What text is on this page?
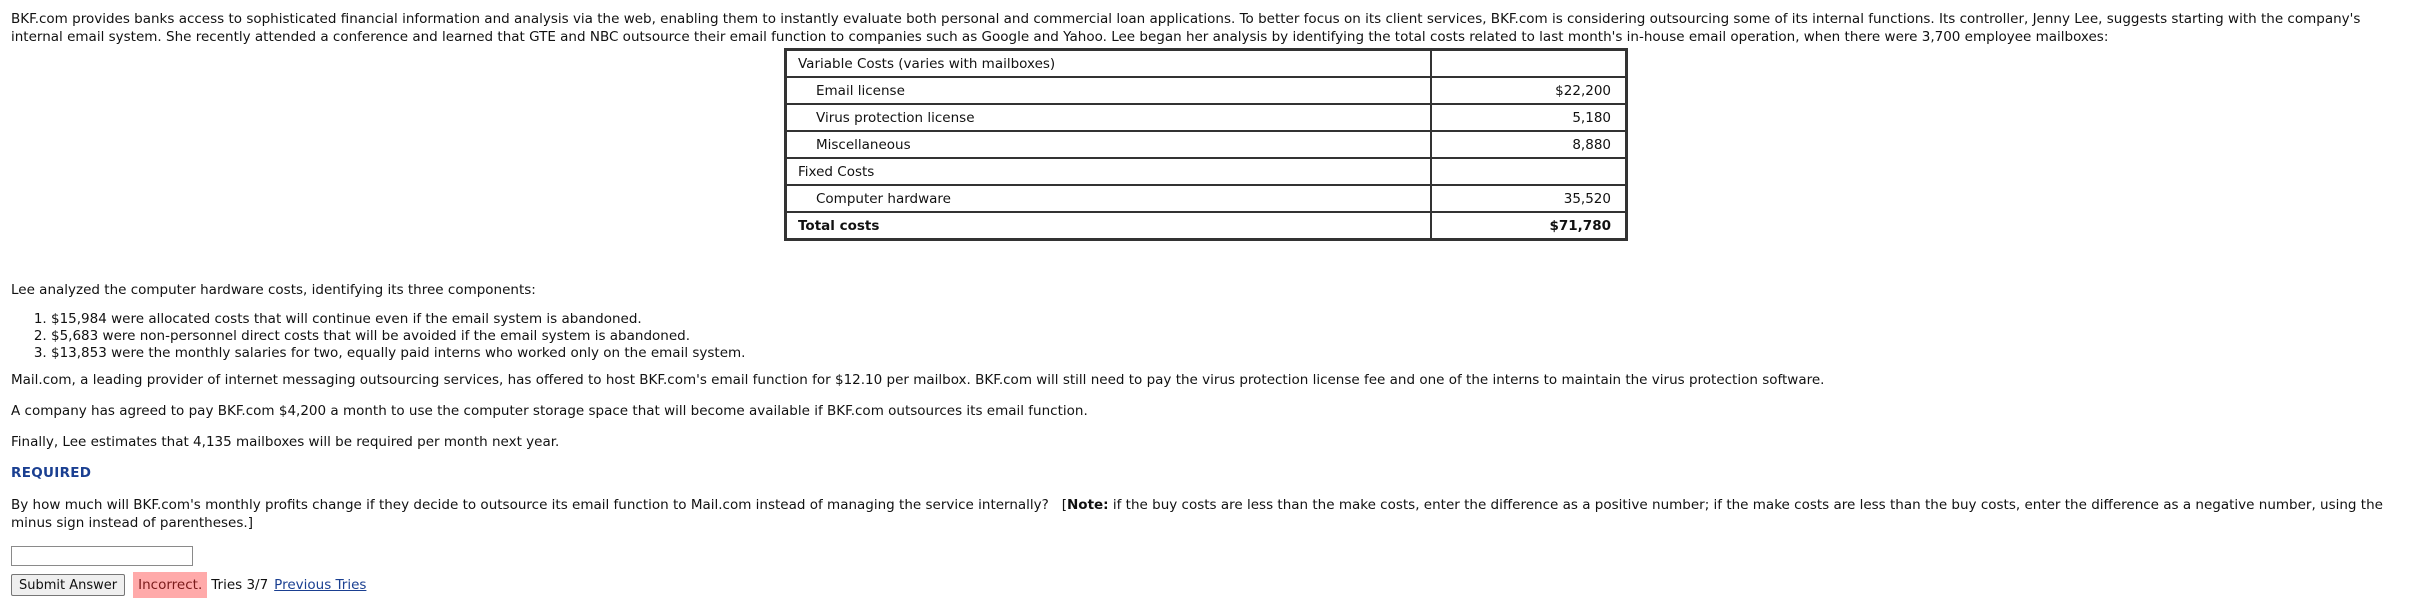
BKF.com provides banks access to sophisticated financial information and analysis via the web, enabling them to instantly evaluate both personal and commercial loan applications. To better focus on its client services, BKF.com is considering outsourcing some of its internal functions. Its controller, Jenny Lee, suggests starting with the company's internal email system. She recently attended a conference and learned that GTE and NBC outsource their email function to companies such as Google and Yahoo. Lee began her analysis by identifying the total costs related to last month's in-house email operation, when there were 3,700 employee mailboxes:

Variable Costs (varies with mailboxes)	
Email license	$22,200
Virus protection license	5,180
Miscellaneous	8,880
Fixed Costs	
Computer hardware	35,520
Total costs	$71,780

Lee analyzed the computer hardware costs, identifying its three components:

1. $15,984 were allocated costs that will continue even if the email system is abandoned.
2. $5,683 were non-personnel direct costs that will be avoided if the email system is abandoned.
3. $13,853 were the monthly salaries for two, equally paid interns who worked only on the email system.

Mail.com, a leading provider of internet messaging outsourcing services, has offered to host BKF.com's email function for $12.10 per mailbox. BKF.com will still need to pay the virus protection license fee and one of the interns to maintain the virus protection software.

A company has agreed to pay BKF.com $4,200 a month to use the computer storage space that will become available if BKF.com outsources its email function.

Finally, Lee estimates that 4,135 mailboxes will be required per month next year.

REQUIRED

By how much will BKF.com's monthly profits change if they decide to outsource its email function to Mail.com instead of managing the service internally? [Note: if the buy costs are less than the make costs, enter the difference as a positive number; if the make costs are less than the buy costs, enter the difference as a negative number, using the minus sign instead of parentheses.]

Submit Answer	Incorrect. Tries 3/7 Previous Tries
